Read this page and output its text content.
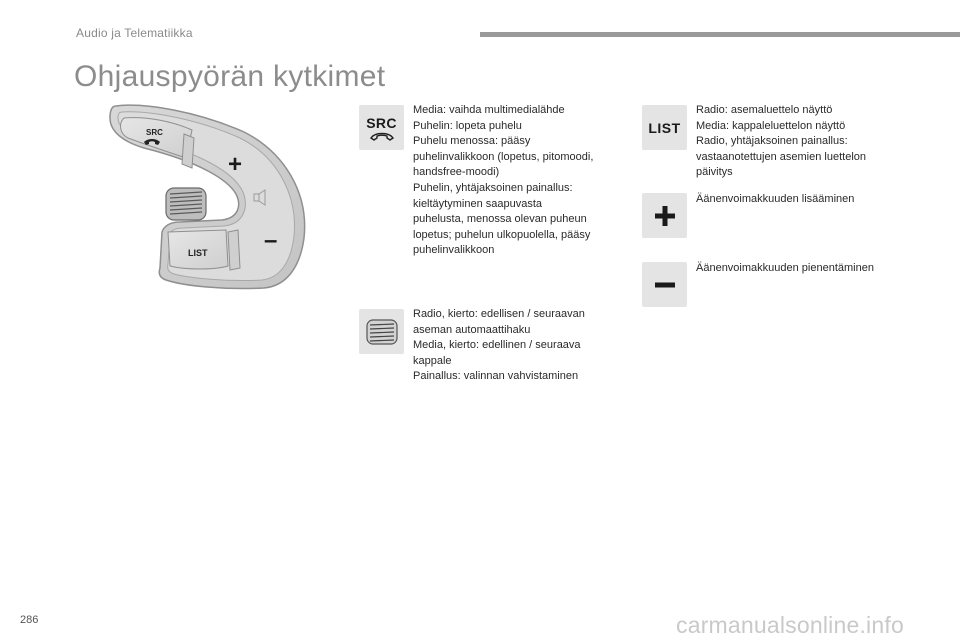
Audio ja Telematiikka
Ohjauspyörän kytkimet
SRC
+
–
LIST
SRC
Media: vaihda multimedialähde
Puhelin: lopeta puhelu
Puhelu menossa: pääsy
puhelinvalikkoon (lopetus, pitomoodi,
handsfree-moodi)
Puhelin, yhtäjaksoinen painallus:
kieltäytyminen saapuvasta
puhelusta, menossa olevan puheun
lopetus; puhelun ulkopuolella, pääsy
puhelinvalikkoon
Radio, kierto: edellisen / seuraavan
aseman automaattihaku
Media, kierto: edellinen / seuraava
kappale
Painallus: valinnan vahvistaminen
LIST
Radio: asemaluettelo näyttö
Media: kappaleluettelon näyttö
Radio, yhtäjaksoinen painallus:
vastaanotettujen asemien luettelon
päivitys
Äänenvoimakkuuden lisääminen
Äänenvoimakkuuden pienentäminen
286	carmanualsonline.info
